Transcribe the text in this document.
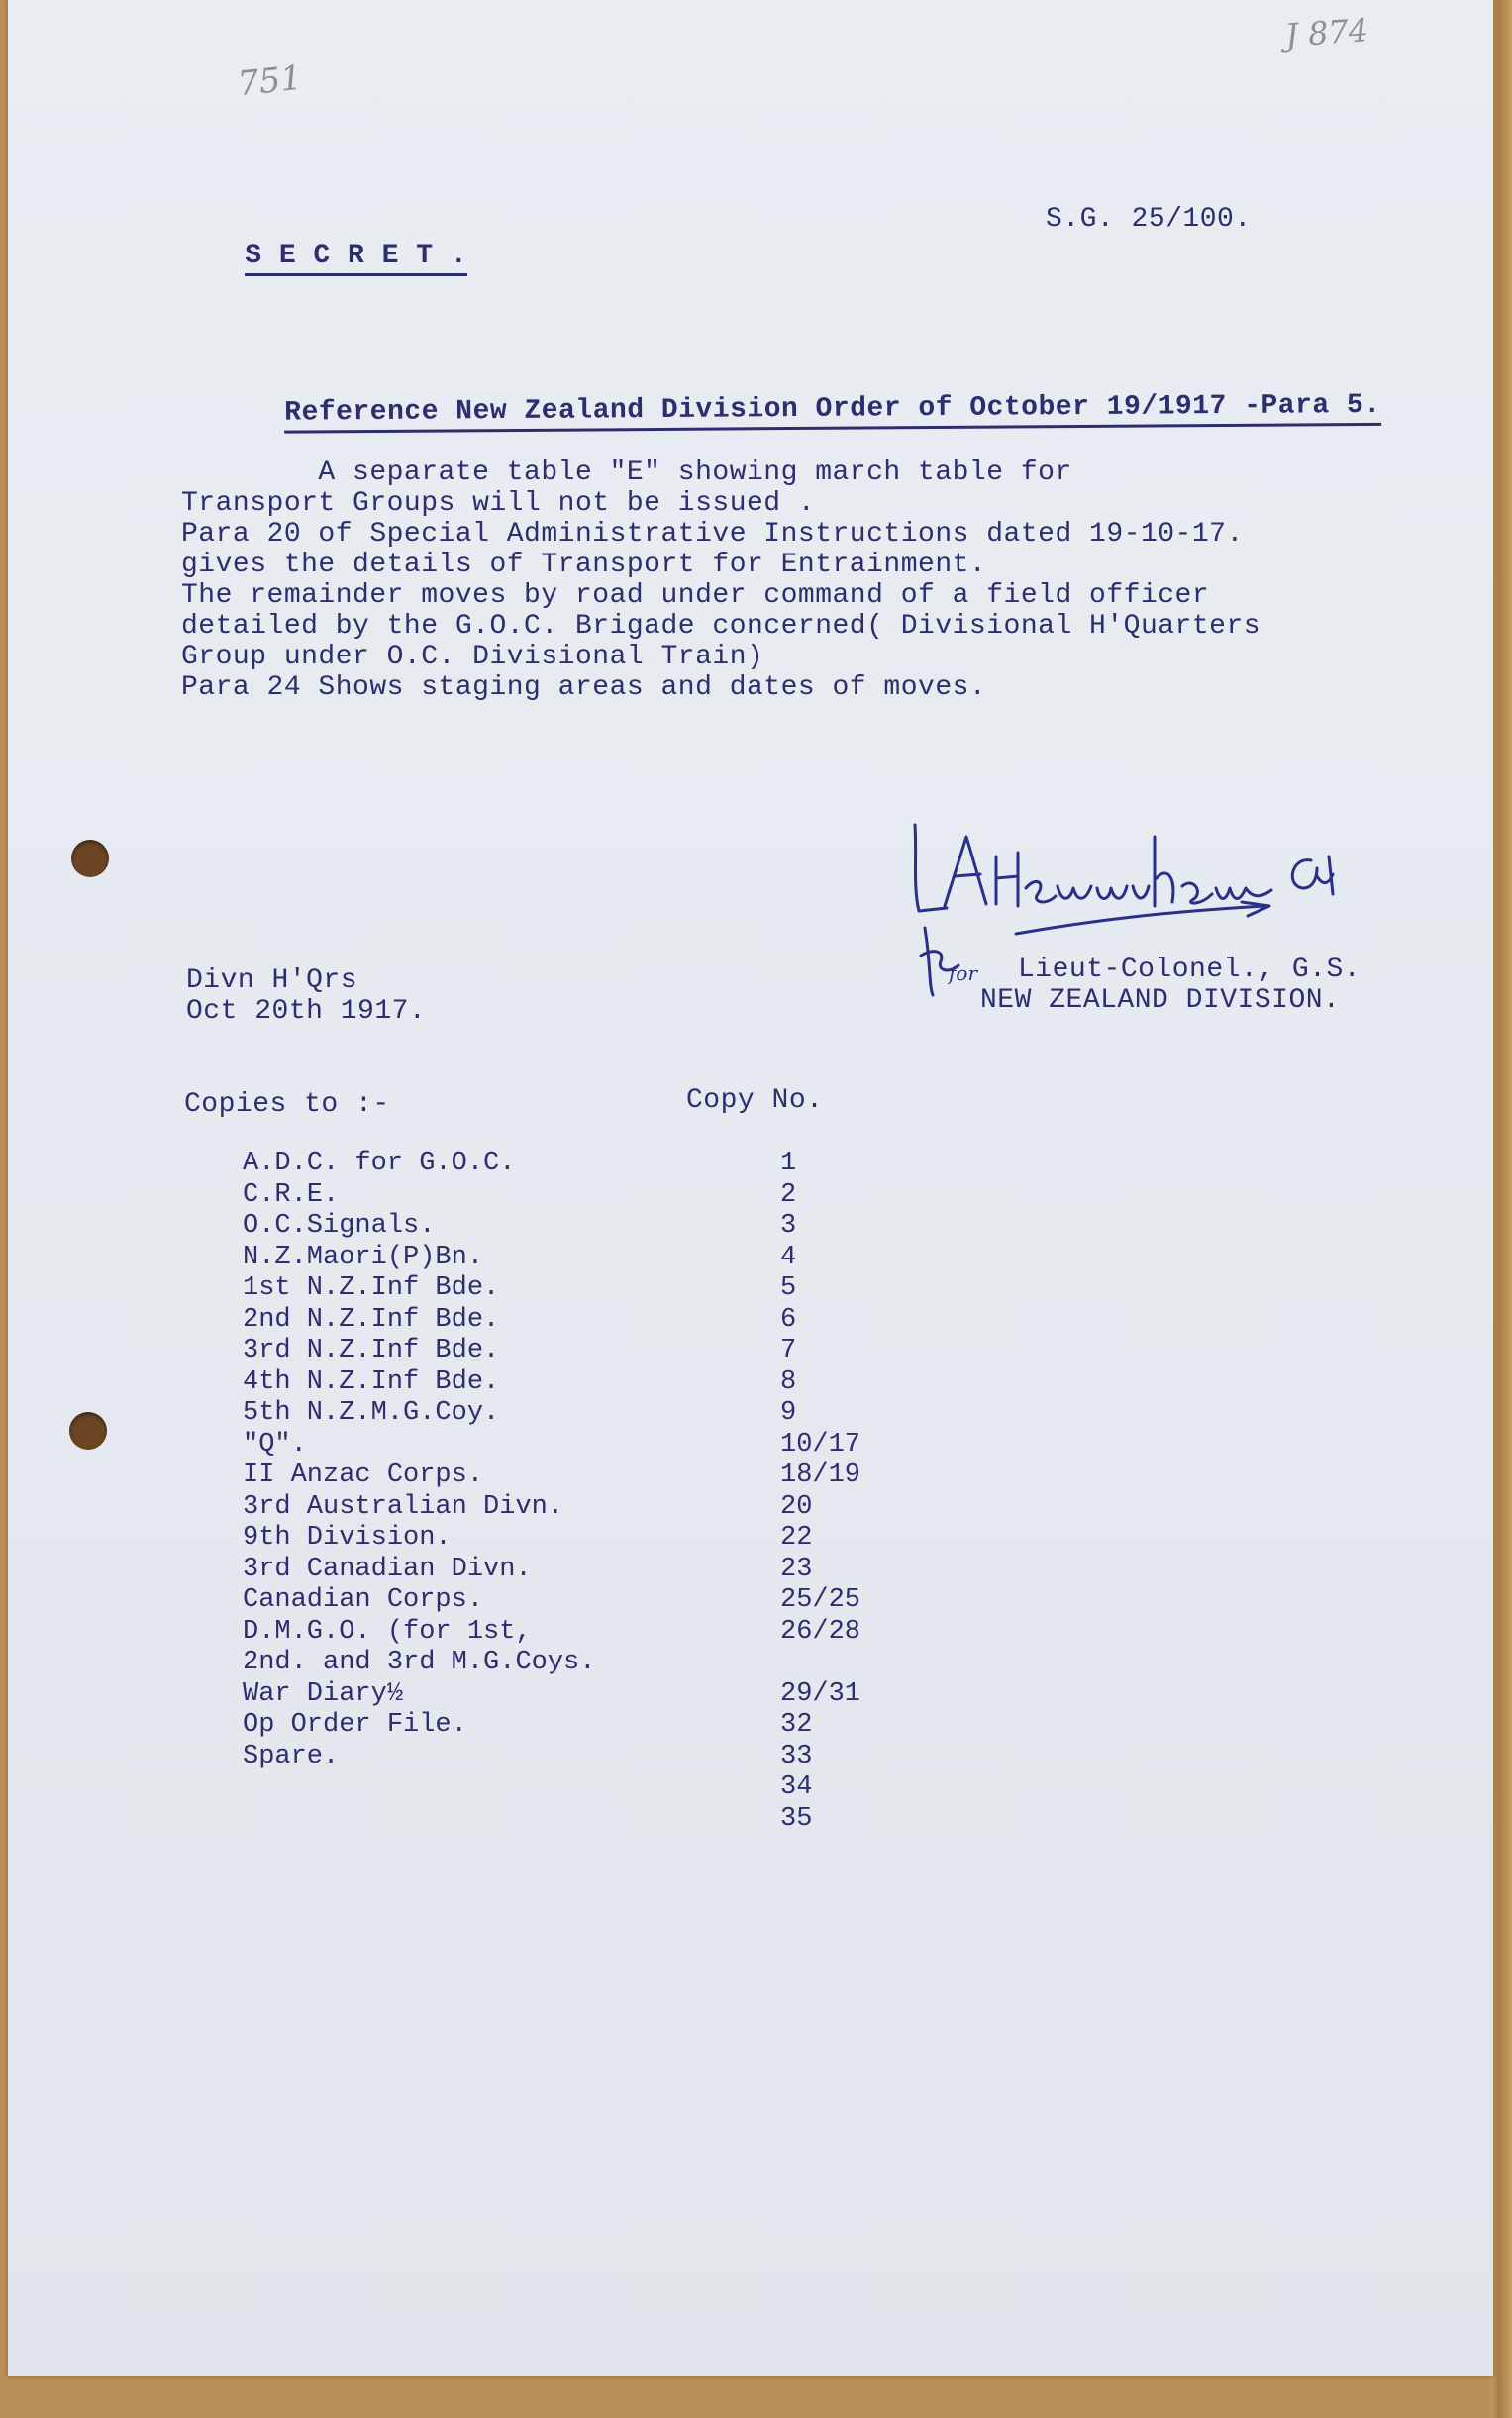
751
J 874

S E C R E T .

S.G. 25/100.

Reference New Zealand Division Order of October 19/1917 -Para 5.

A separate table "E" showing march table for
Transport Groups will not be issued .
Para 20 of Special Administrative Instructions dated 19-10-17.
gives the details of Transport for Entrainment.
The remainder moves by road under command of a field officer
detailed by the G.O.C. Brigade concerned( Divisional H'Quarters
Group under O.C. Divisional Train)
Para 24 Shows staging areas and dates of moves.
for
LAHewnham
Capt
Lieut-Colonel., G.S.
NEW ZEALAND DIVISION.
Divn H'Qrs
Oct 20th 1917.
Copies to :-	Copy No.
A.D.C. for G.O.C.	1
C.R.E.	2
O.C.Signals.	3
N.Z.Maori(P)Bn.	4
1st N.Z.Inf Bde.	5
2nd N.Z.Inf Bde.	6
3rd N.Z.Inf Bde.	7
4th N.Z.Inf Bde.	8
5th N.Z.M.G.Coy.	9
"Q".	10/17
II Anzac Corps.	18/19
3rd Australian Divn.	20
9th Division.	22
3rd Canadian Divn.	23
Canadian Corps.	25/25
D.M.G.O. (for 1st,	26/28
2nd. and 3rd M.G.Coys.
War Diary½	29/31
Op Order File.	32
Spare.	33
34
35
